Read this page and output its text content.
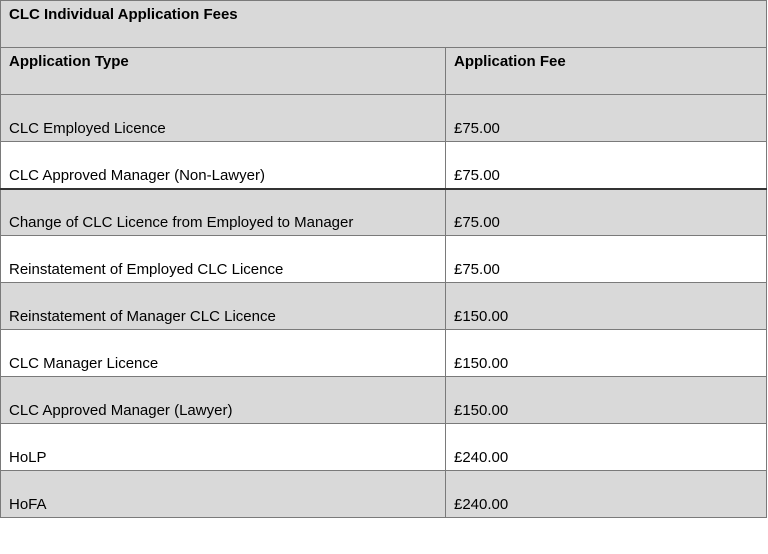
CLC Individual Application Fees	
Application Type	Application Fee
CLC Employed Licence	£75.00
CLC Approved Manager (Non-Lawyer)	£75.00
Change of CLC Licence from Employed to Manager	£75.00
Reinstatement of Employed CLC Licence	£75.00
Reinstatement of Manager CLC Licence	£150.00
CLC Manager Licence	£150.00
CLC Approved Manager (Lawyer)	£150.00
HoLP	£240.00
HoFA	£240.00
